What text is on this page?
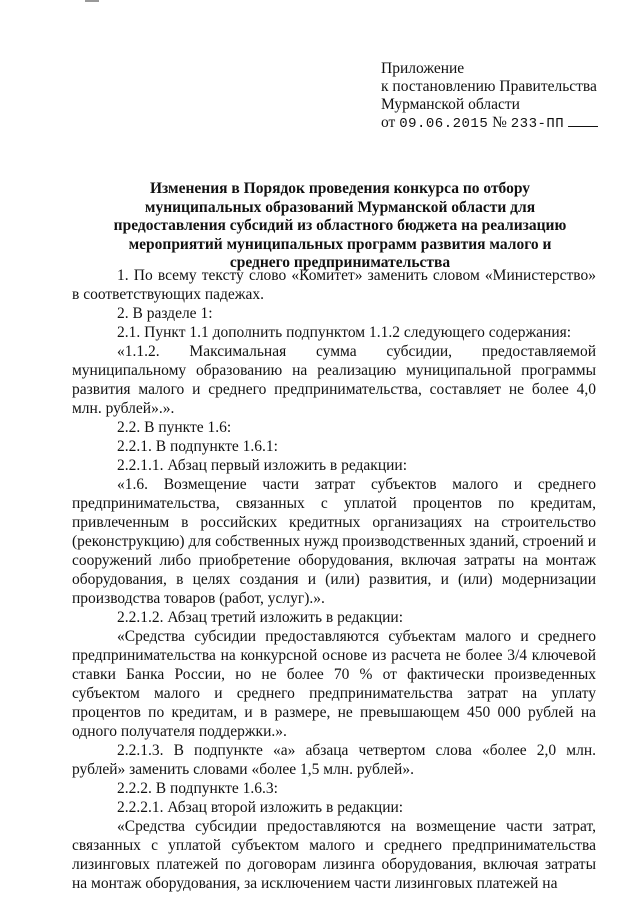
Приложение
к постановлению Правительства
Мурманской области
от 09.06.2015 № 233-ПП
Изменения в Порядок проведения конкурса по отбору муниципальных образований Мурманской области для предоставления субсидий из областного бюджета на реализацию мероприятий муниципальных программ развития малого и среднего предпринимательства

1. По всему тексту слово «Комитет» заменить словом «Министерство» в соответствующих падежах.

2. В разделе 1:

2.1. Пункт 1.1 дополнить подпунктом 1.1.2 следующего содержания:

«1.1.2. Максимальная сумма субсидии, предоставляемой муниципальному образованию на реализацию муниципальной программы развития малого и среднего предпринимательства, составляет не более 4,0 млн. рублей».».

2.2. В пункте 1.6:

2.2.1. В подпункте 1.6.1:

2.2.1.1. Абзац первый изложить в редакции:

«1.6. Возмещение части затрат субъектов малого и среднего предпринимательства, связанных с уплатой процентов по кредитам, привлеченным в российских кредитных организациях на строительство (реконструкцию) для собственных нужд производственных зданий, строений и сооружений либо приобретение оборудования, включая затраты на монтаж оборудования, в целях создания и (или) развития, и (или) модернизации производства товаров (работ, услуг).».

2.2.1.2. Абзац третий изложить в редакции:

«Средства субсидии предоставляются субъектам малого и среднего предпринимательства на конкурсной основе из расчета не более 3/4 ключевой ставки Банка России, но не более 70 % от фактически произведенных субъектом малого и среднего предпринимательства затрат на уплату процентов по кредитам, и в размере, не превышающем 450 000 рублей на одного получателя поддержки.».

2.2.1.3. В подпункте «а» абзаца четвертом слова «более 2,0 млн. рублей» заменить словами «более 1,5 млн. рублей».

2.2.2. В подпункте 1.6.3:

2.2.2.1. Абзац второй изложить в редакции:

«Средства субсидии предоставляются на возмещение части затрат, связанных с уплатой субъектом малого и среднего предпринимательства лизинговых платежей по договорам лизинга оборудования, включая затраты на монтаж оборудования, за исключением части лизинговых платежей на
